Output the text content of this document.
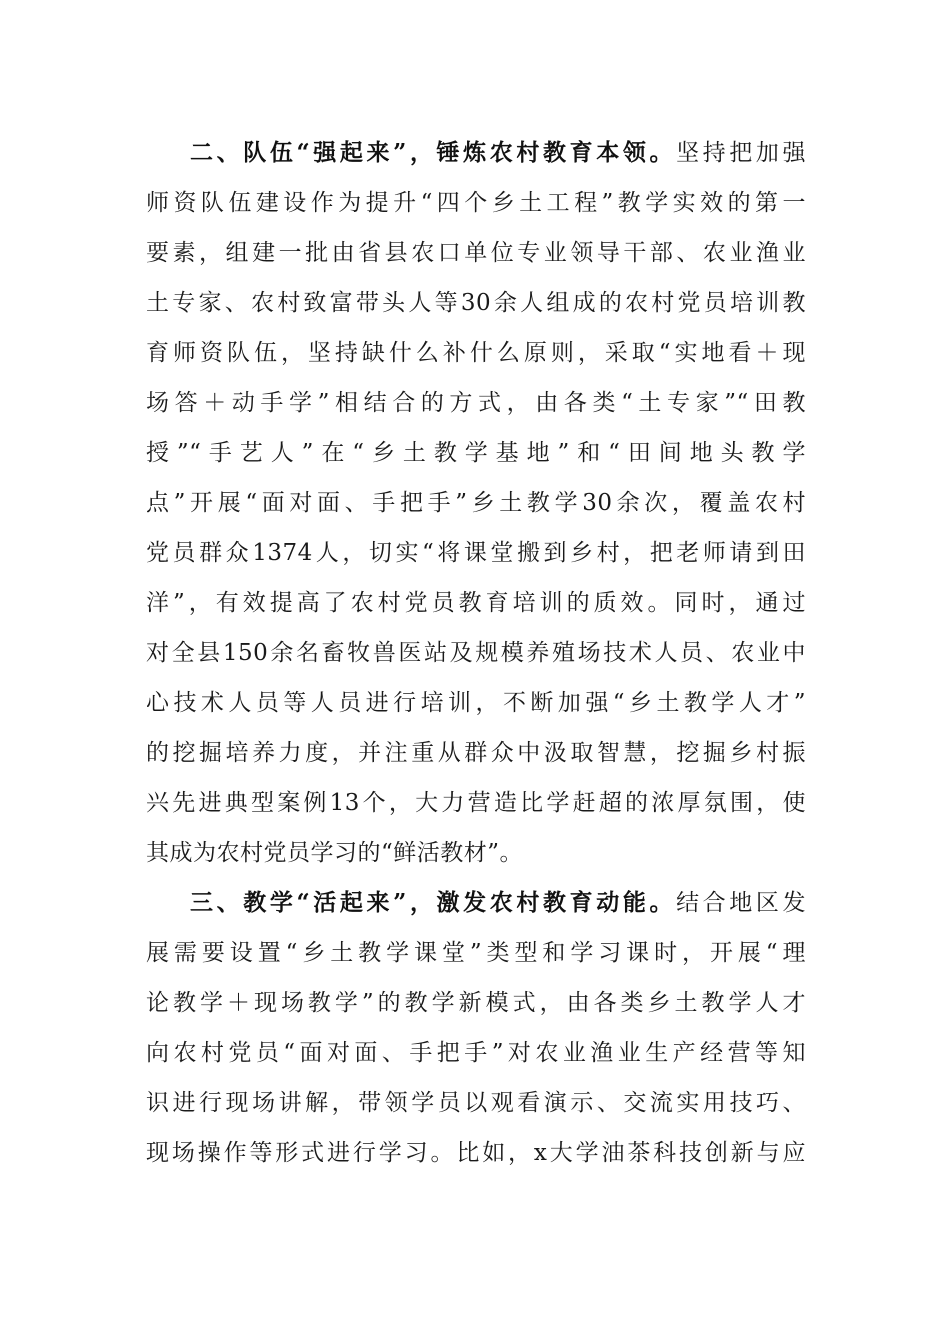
二、队伍“强起来”，锤炼农村教育本领。坚持把加强
师资队伍建设作为提升“四个乡土工程”教学实效的第一
要素，组建一批由省县农口单位专业领导干部、农业渔业
土专家、农村致富带头人等30余人组成的农村党员培训教
育师资队伍，坚持缺什么补什么原则，采取“实地看＋现
场答＋动手学”相结合的方式，由各类“土专家”“田教
授”“手艺人”在“乡土教学基地”和“田间地头教学
点”开展“面对面、手把手”乡土教学30余次，覆盖农村
党员群众1374人，切实“将课堂搬到乡村，把老师请到田
洋”，有效提高了农村党员教育培训的质效。同时，通过
对全县150余名畜牧兽医站及规模养殖场技术人员、农业中
心技术人员等人员进行培训，不断加强“乡土教学人才”
的挖掘培养力度，并注重从群众中汲取智慧，挖掘乡村振
兴先进典型案例13个，大力营造比学赶超的浓厚氛围，使
其成为农村党员学习的“鲜活教材”。
三、教学“活起来”，激发农村教育动能。结合地区发
展需要设置“乡土教学课堂”类型和学习课时，开展“理
论教学＋现场教学”的教学新模式，由各类乡土教学人才
向农村党员“面对面、手把手”对农业渔业生产经营等知
识进行现场讲解，带领学员以观看演示、交流实用技巧、
现场操作等形式进行学习。比如，x大学油茶科技创新与应
